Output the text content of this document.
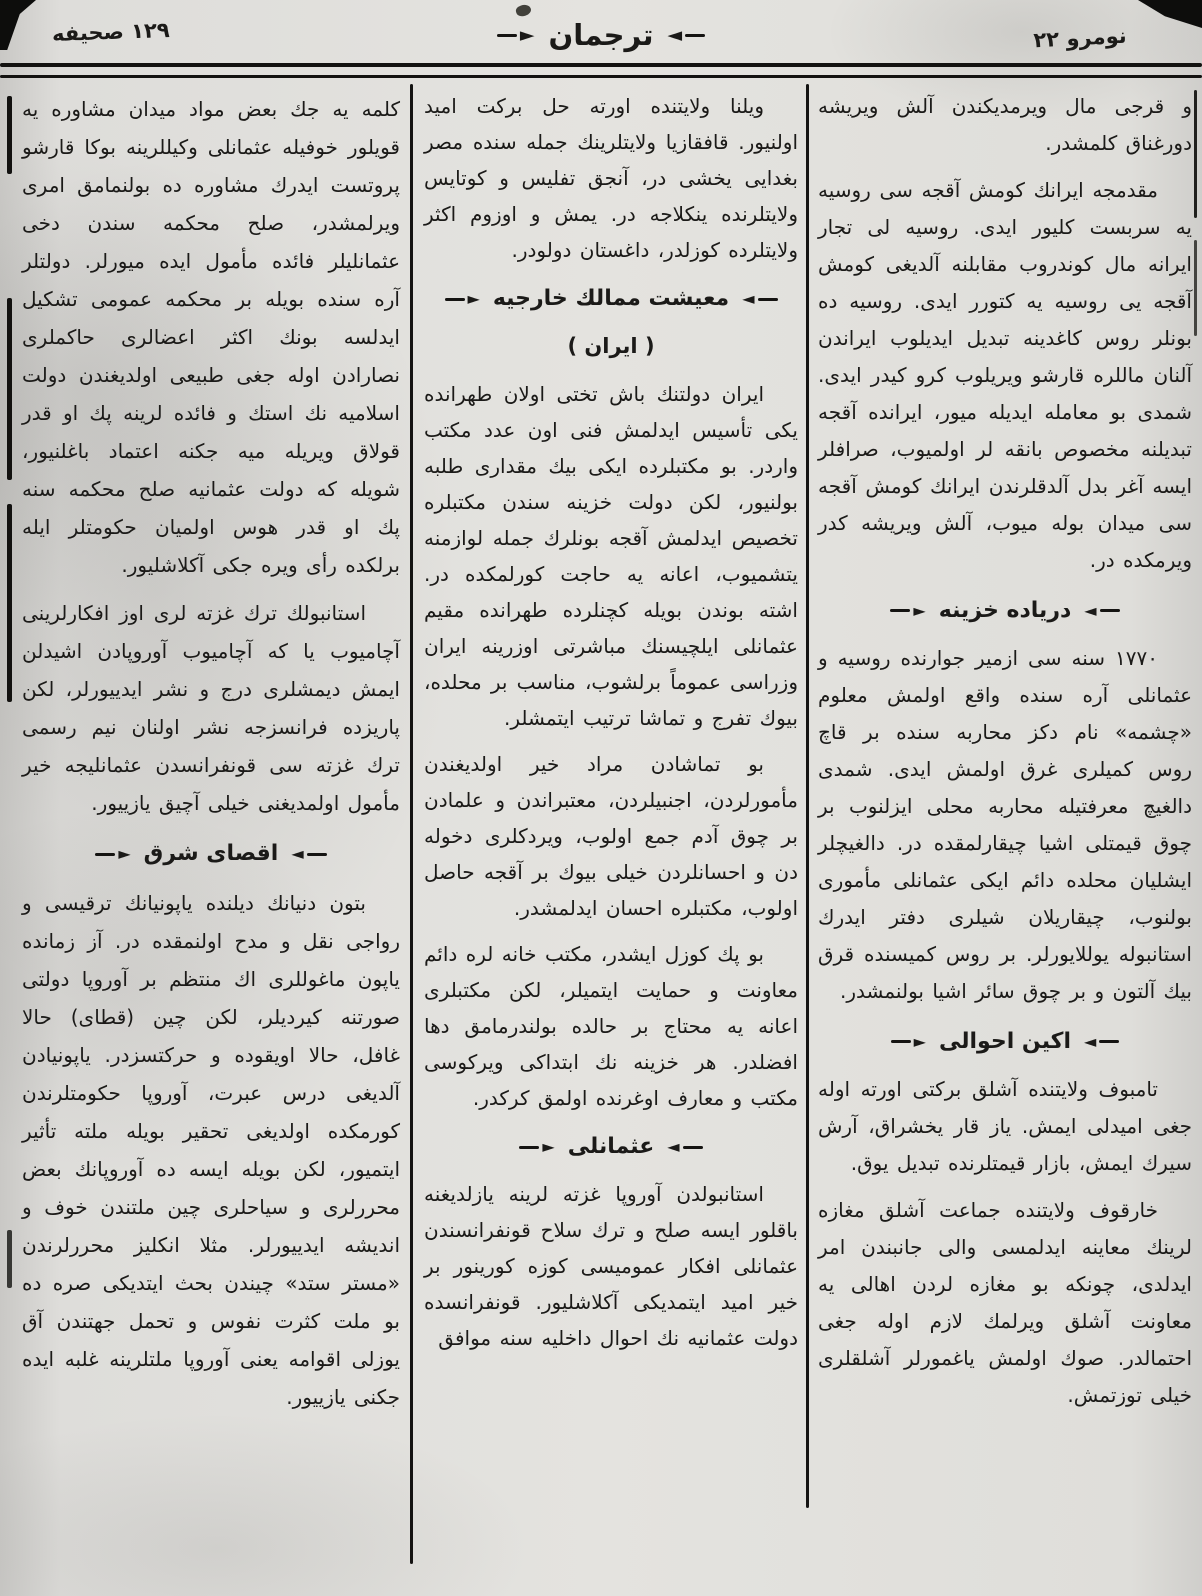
١٢٩ صحيفه	◄
ترجمان
►	نومرو ٢٢

و قرجى مال ويرمديكندن آلش ويريشه دورغناق كلمشدر.

مقدمجه ايرانك كومش آقجه سى روسيه يه سربست كليور ايدى. روسيه لى تجار ايرانه مال كوندروب مقابلنه آلديغى كومش آقجه يى روسيه يه كتورر ايدى. روسيه ده بونلر روس كاغدينه تبديل ايديلوب ايراندن آلنان ماللره قارشو ويريلوب كرو كيدر ايدى. شمدى بو معامله ايديله ميور، ايرانده آقجه تبديلنه مخصوص بانقه لر اولميوب، صرافلر ايسه آغر بدل آلدقلرندن ايرانك كومش آقجه سى ميدان بوله ميوب، آلش ويريشه كدر ويرمكده در.

◄
درياده خزينه
►

١٧٧٠ سنه سى ازمير جوارنده روسيه و عثمانلى آره سنده واقع اولمش معلوم «چشمه» نام دكز محاربه سنده بر قاچ روس كميلرى غرق اولمش ايدى. شمدى دالغيچ معرفتيله محاربه محلى ايزلنوب بر چوق قيمتلى اشيا چيقارلمقده در. دالغيچلر ايشليان محلده دائم ايكى عثمانلى مأمورى بولنوب، چيقاريلان شيلرى دفتر ايدرك استانبوله يوللايورلر. بر روس كميسنده قرق بيك آلتون و بر چوق سائر اشيا بولنمشدر.

◄
اكين احوالى
►

تامبوف ولايتنده آشلق بركتى اورته اوله جغى اميدلى ايمش. ياز قار يخشراق، آرش سيرك ايمش، بازار قيمتلرنده تبديل يوق.

خارقوف ولايتنده جماعت آشلق مغازه لرينك معاينه ايدلمسى والى جانبندن امر ايدلدى، چونكه بو مغازه لردن اهالى يه معاونت آشلق ويرلمك لازم اوله جغى احتمالدر. صوك اولمش ياغمورلر آشلقلرى خيلى توزتمش.

ويلنا ولايتنده اورته حل بركت اميد اولنيور. قافقازيا ولايتلرينك جمله سنده مصر بغدايى يخشى در، آنجق تفليس و كوتايس ولايتلرنده ينكلاجه در. يمش و اوزوم اكثر ولايتلرده كوزلدر، داغستان دولودر.

◄
معيشت ممالك خارجيه
►
( ايران )

ايران دولتنك باش تختى اولان طهرانده يكى تأسيس ايدلمش فنى اون عدد مكتب واردر. بو مكتبلرده ايكى بيك مقدارى طلبه بولنيور، لكن دولت خزينه سندن مكتبلره تخصيص ايدلمش آقجه بونلرك جمله لوازمنه يتشميوب، اعانه يه حاجت كورلمكده در. اشته بوندن بويله كچنلرده طهرانده مقيم عثمانلى ايلچيسنك مباشرتى اوزرينه ايران وزراسى عموماً برلشوب، مناسب بر محلده، بيوك تفرج و تماشا ترتيب ايتمشلر.

بو تماشادن مراد خير اولديغندن مأمورلردن، اجنبيلردن، معتبراندن و علمادن بر چوق آدم جمع اولوب، ويردكلرى دخوله دن و احسانلردن خيلى بيوك بر آقجه حاصل اولوب، مكتبلره احسان ايدلمشدر.

بو پك كوزل ايشدر، مكتب خانه لره دائم معاونت و حمايت ايتميلر، لكن مكتبلرى اعانه يه محتاج بر حالده بولندرمامق دها افضلدر. هر خزينه نك ابتداكى ويركوسى مكتب و معارف اوغرنده اولمق كركدر.

◄
عثمانلى
►

استانبولدن آوروپا غزته لرينه يازلديغنه باقلور ايسه صلح و ترك سلاح قونفرانسندن عثمانلى افكار عموميسى كوزه كورينور بر خير اميد ايتمديكى آكلاشليور. قونفرانسده دولت عثمانيه نك احوال داخليه سنه موافق

كلمه يه جك بعض مواد ميدان مشاوره يه قويلور خوفيله عثمانلى وكيللرينه بوكا قارشو پروتست ايدرك مشاوره ده بولنمامق امرى ويرلمشدر، صلح محكمه سندن دخى عثمانليلر فائده مأمول ايده ميورلر. دولتلر آره سنده بويله بر محكمه عمومى تشكيل ايدلسه بونك اكثر اعضالرى حاكملرى نصارادن اوله جغى طبيعى اولديغندن دولت اسلاميه نك استك و فائده لرينه پك او قدر قولاق ويريله ميه جكنه اعتماد باغلنيور، شويله كه دولت عثمانيه صلح محكمه سنه پك او قدر هوس اولميان حكومتلر ايله برلكده رأى ويره جكى آكلاشليور.

استانبولك ترك غزته لرى اوز افكارلرينى آچاميوب يا كه آچاميوب آوروپادن اشيدلن ايمش ديمشلرى درج و نشر ايدييورلر، لكن پاريزده فرانسزجه نشر اولنان نيم رسمى ترك غزته سى قونفرانسدن عثمانليجه خير مأمول اولمديغنى خيلى آچيق يازييور.

◄
اقصاى شرق
►

بتون دنيانك ديلنده ياپونيانك ترقيسى و رواجى نقل و مدح اولنمقده در. آز زمانده ياپون ماغوللرى اك منتظم بر آوروپا دولتى صورتنه كيرديلر، لكن چين (قطاى) حالا غافل، حالا اويقوده و حركتسزدر. ياپونيادن آلديغى درس عبرت، آوروپا حكومتلرندن كورمكده اولديغى تحقير بويله ملته تأثير ايتميور، لكن بويله ايسه ده آوروپانك بعض محررلرى و سياحلرى چين ملتندن خوف و انديشه ايدييورلر. مثلا انكليز محررلرندن «مستر ستد» چيندن بحث ايتديكى صره ده بو ملت كثرت نفوس و تحمل جهتندن آق يوزلى اقوامه يعنى آوروپا ملتلرينه غلبه ايده جكنى يازييور.
